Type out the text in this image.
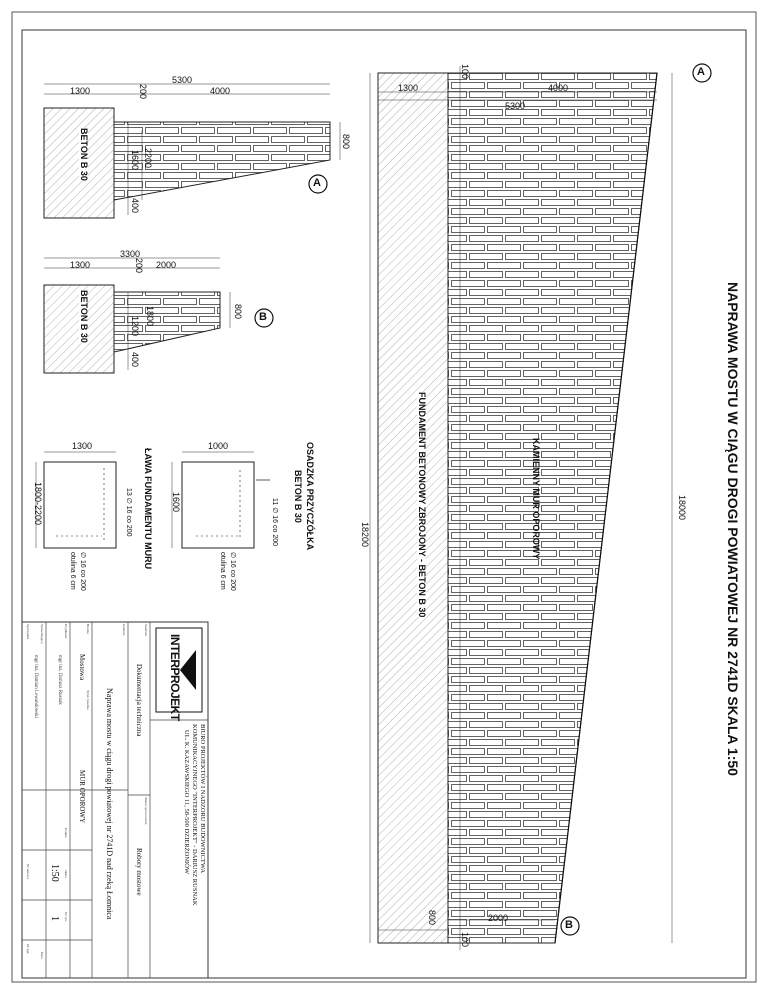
NAPRAWA MOSTU W CIĄGU DROGI POWIATOWEJ NR 2741D SKALA 1:50
KAMIENNY MUR OPOROWY
FUNDAMENT BETONOWY ZBROJONY - BETON B 30	18000
18200
100
100
1300	4000
5300
800	2000
A
B
BETON B 30
5300
1300	200	4000
800
2200
1600
400
A
BETON B 30
3300
1300	200 2000
800
1800
1200
400
B
OSADZKA PRZYCZÓŁKA
BETON B 30
1000
1600	11 ∅ 16 co 200
∅ 16 co 200
otulina 6 cm
ŁAWA FUNDAMENTU MURU
1300
1800-2200	13 ∅ 16 co 200
∅ 16 co 200
otulina 6 cm
BIURO PROJEKTÓW I NADZORU BUDOWNICTWA
KOMUNIKACYJNEGO "INTERPROJEKT" - DARIUSZ RUSNAK
UL. K. KAZAWSKIEGO 11, 58-500 DZIERŻONIÓW
INTERPROJEKT
Stadium
Dokumentacja techniczna
Temat opracowania
Roboty mostowe
Zadanie
Naprawa mostu w ciągu drogi powiatowej nr 2741D nad rzeką Łomnica
Branża
Mostowa
Tytuł rysunku
MUR OPOROWY
Projektant
mgr inż. Dariusz Rusnak
Sprawdzający
mgr inż. Damian Lewandowski
Sporządził
Podpis
Skala
1:50
Nr rys.
1
Data
Nr umowy
Nr egz.
